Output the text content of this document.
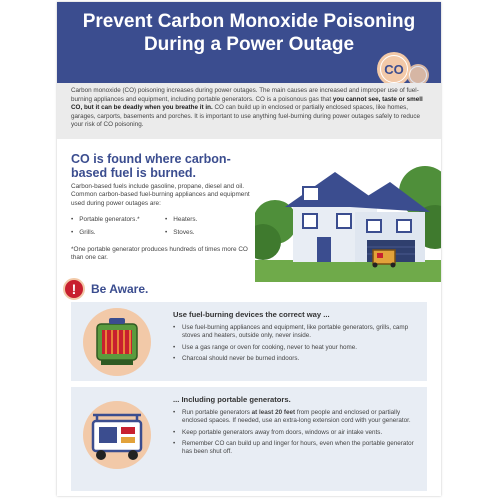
Prevent Carbon Monoxide Poisoning
During a Power Outage
CO
Carbon monoxide (CO) poisoning increases during power outages. The main causes are increased and improper use of fuel-burning appliances and equipment, including portable generators. CO is a poisonous gas that you cannot see, taste or smell CO, but it can be deadly when you breathe it in. CO can build up in enclosed or partially enclosed spaces, like homes, garages, carports, basements and porches. It is important to use anything fuel-burning during power outages safely to reduce your risk of CO poisoning.
CO is found where carbon-based fuel is burned.
Carbon-based fuels include gasoline, propane, diesel and oil. Common carbon-based fuel-burning appliances and equipment used during power outages are:
• Portable generators.*	• Heaters.
• Grills.	• Stoves.
*One portable generator produces hundreds of times more CO than one car.
!	Be Aware.
Use fuel-burning devices the correct way ...
• Use fuel-burning appliances and equipment, like portable generators, grills, camp stoves and heaters, outside only, never inside.
• Use a gas range or oven for cooking, never to heat your home.
• Charcoal should never be burned indoors.
... Including portable generators.
• Run portable generators at least 20 feet from people and enclosed or partially enclosed spaces. If needed, use an extra-long extension cord with your generator.
• Keep portable generators away from doors, windows or air intake vents.
• Remember CO can build up and linger for hours, even when the portable generator has been shut off.
